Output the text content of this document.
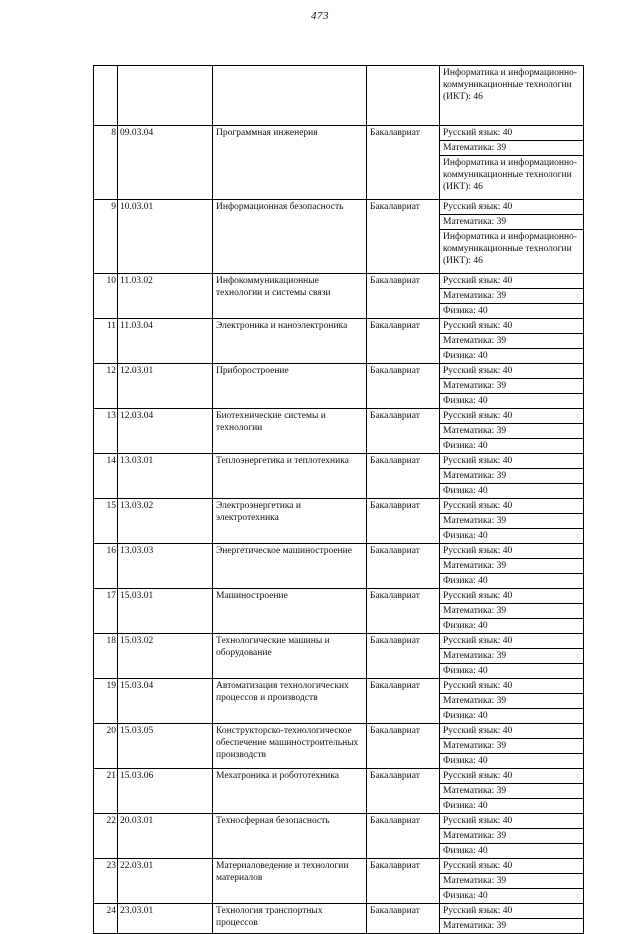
473

				Информатика и информационно-коммуникационные технологии (ИКТ): 46

8	09.03.04	Программная инженерия	Бакалавриат	Русский язык: 40
Математика: 39
Информатика и информационно-коммуникационные технологии (ИКТ): 46

9	10.03.01	Информационная безопасность	Бакалавриат	Русский язык: 40
Математика: 39
Информатика и информационно-коммуникационные технологии (ИКТ): 46

10	11.03.02	Инфокоммуникационные технологии и системы связи	Бакалавриат	Русский язык: 40
Математика: 39
Физика: 40

11	11.03.04	Электроника и наноэлектроника	Бакалавриат	Русский язык: 40
Математика: 39
Физика: 40

12	12.03.01	Приборостроение	Бакалавриат	Русский язык: 40
Математика: 39
Физика: 40

13	12.03.04	Биотехнические системы и технологии	Бакалавриат	Русский язык: 40
Математика: 39
Физика: 40

14	13.03.01	Теплоэнергетика и теплотехника	Бакалавриат	Русский язык: 40
Математика: 39
Физика: 40

15	13.03.02	Электроэнергетика и электротехника	Бакалавриат	Русский язык: 40
Математика: 39
Физика: 40

16	13.03.03	Энергетическое машиностроение	Бакалавриат	Русский язык: 40
Математика: 39
Физика: 40

17	15.03.01	Машиностроение	Бакалавриат	Русский язык: 40
Математика: 39
Физика: 40

18	15.03.02	Технологические машины и оборудование	Бакалавриат	Русский язык: 40
Математика: 39
Физика: 40

19	15.03.04	Автоматизация технологических процессов и производств	Бакалавриат	Русский язык: 40
Математика: 39
Физика: 40

20	15.03.05	Конструкторско-технологическое обеспечение машиностроительных производств	Бакалавриат	Русский язык: 40
Математика: 39
Физика: 40

21	15.03.06	Мехатроника и робототехника	Бакалавриат	Русский язык: 40
Математика: 39
Физика: 40

22	20.03.01	Техносферная безопасность	Бакалавриат	Русский язык: 40
Математика: 39
Физика: 40

23	22.03.01	Материаловедение и технологии материалов	Бакалавриат	Русский язык: 40
Математика: 39
Физика: 40

24	23.03.01	Технология транспортных процессов	Бакалавриат	Русский язык: 40
Математика: 39
